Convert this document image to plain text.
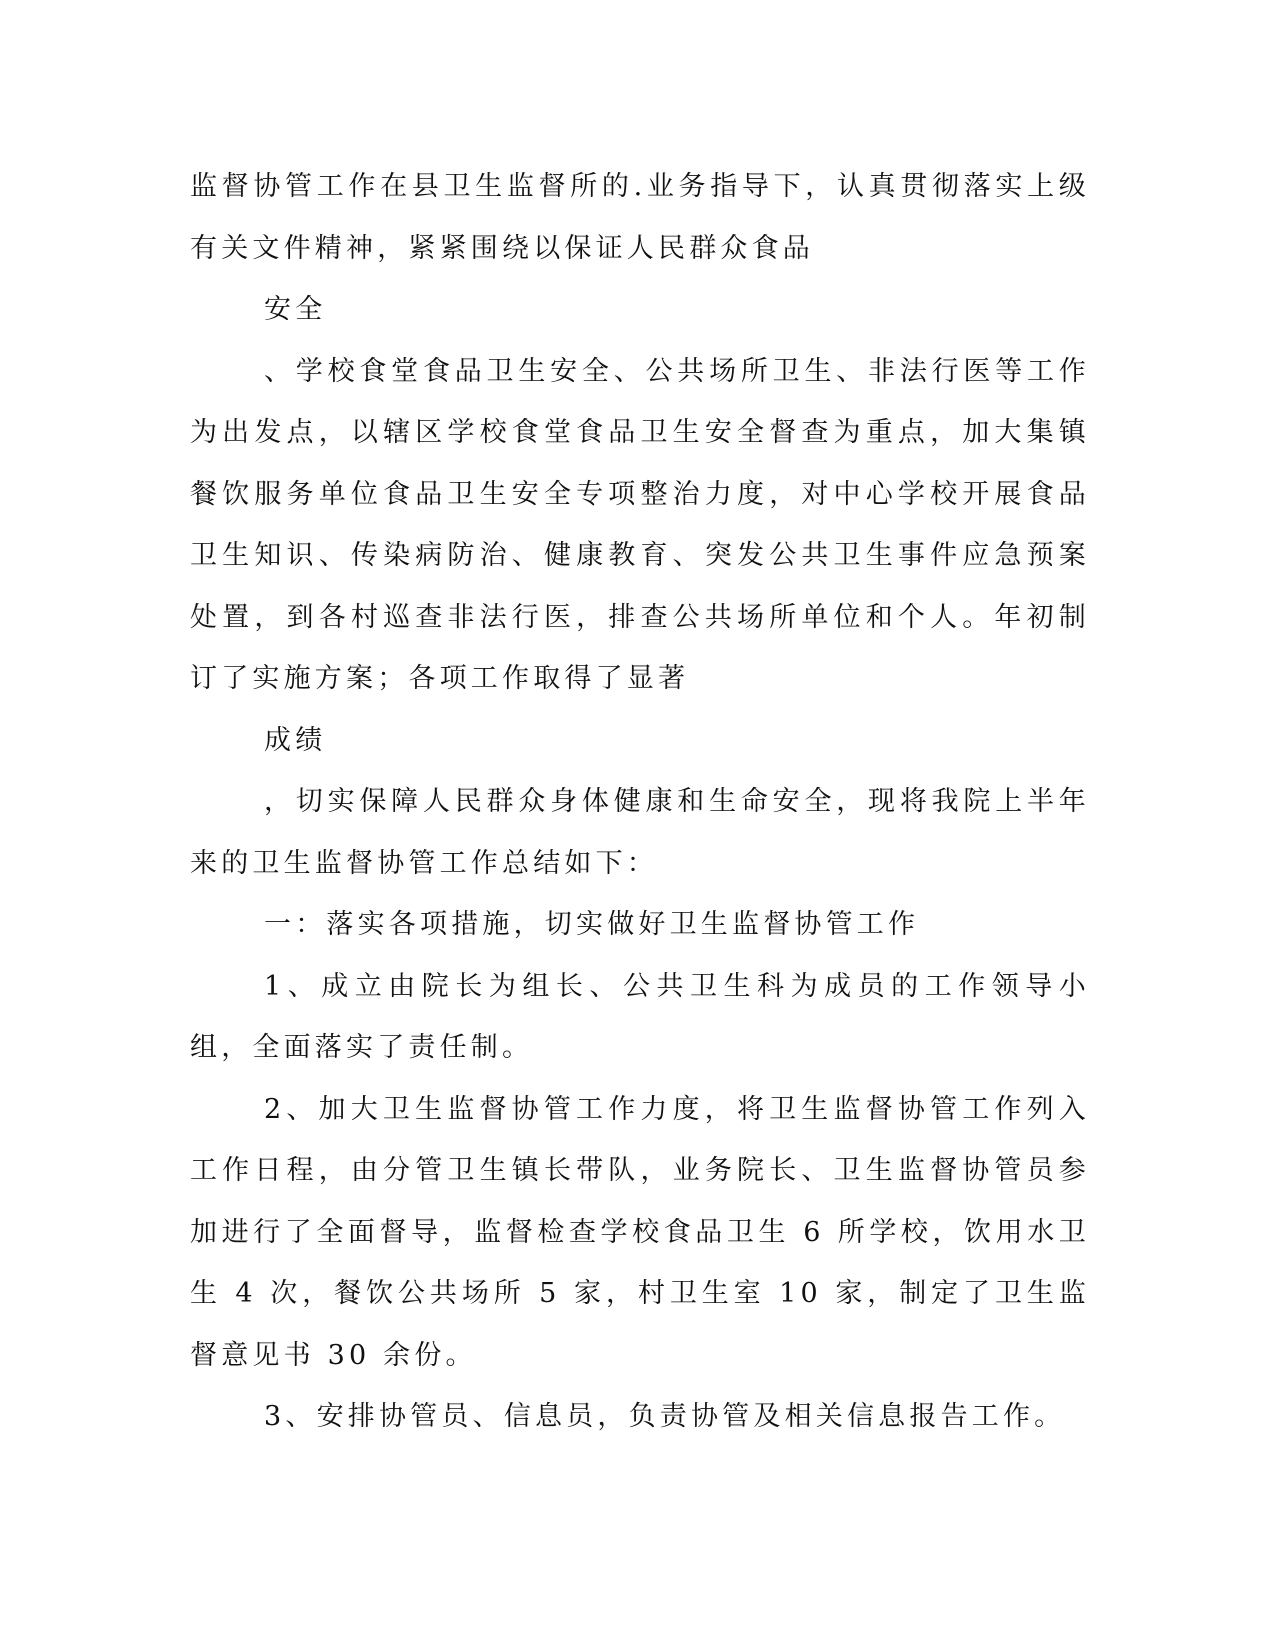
监督协管工作在县卫生监督所的.业务指导下，认真贯彻落实上级有关文件精神，紧紧围绕以保证人民群众食品

安全

、学校食堂食品卫生安全、公共场所卫生、非法行医等工作为出发点，以辖区学校食堂食品卫生安全督查为重点，加大集镇餐饮服务单位食品卫生安全专项整治力度，对中心学校开展食品卫生知识、传染病防治、健康教育、突发公共卫生事件应急预案处置，到各村巡查非法行医，排查公共场所单位和个人。年初制订了实施方案；各项工作取得了显著

成绩

，切实保障人民群众身体健康和生命安全，现将我院上半年来的卫生监督协管工作总结如下：

一：落实各项措施，切实做好卫生监督协管工作

1、成立由院长为组长、公共卫生科为成员的工作领导小组，全面落实了责任制。

2、加大卫生监督协管工作力度，将卫生监督协管工作列入工作日程，由分管卫生镇长带队，业务院长、卫生监督协管员参加进行了全面督导，监督检查学校食品卫生 6 所学校，饮用水卫生 4 次，餐饮公共场所 5 家，村卫生室 10 家，制定了卫生监督意见书 30 余份。

3、安排协管员、信息员，负责协管及相关信息报告工作。
